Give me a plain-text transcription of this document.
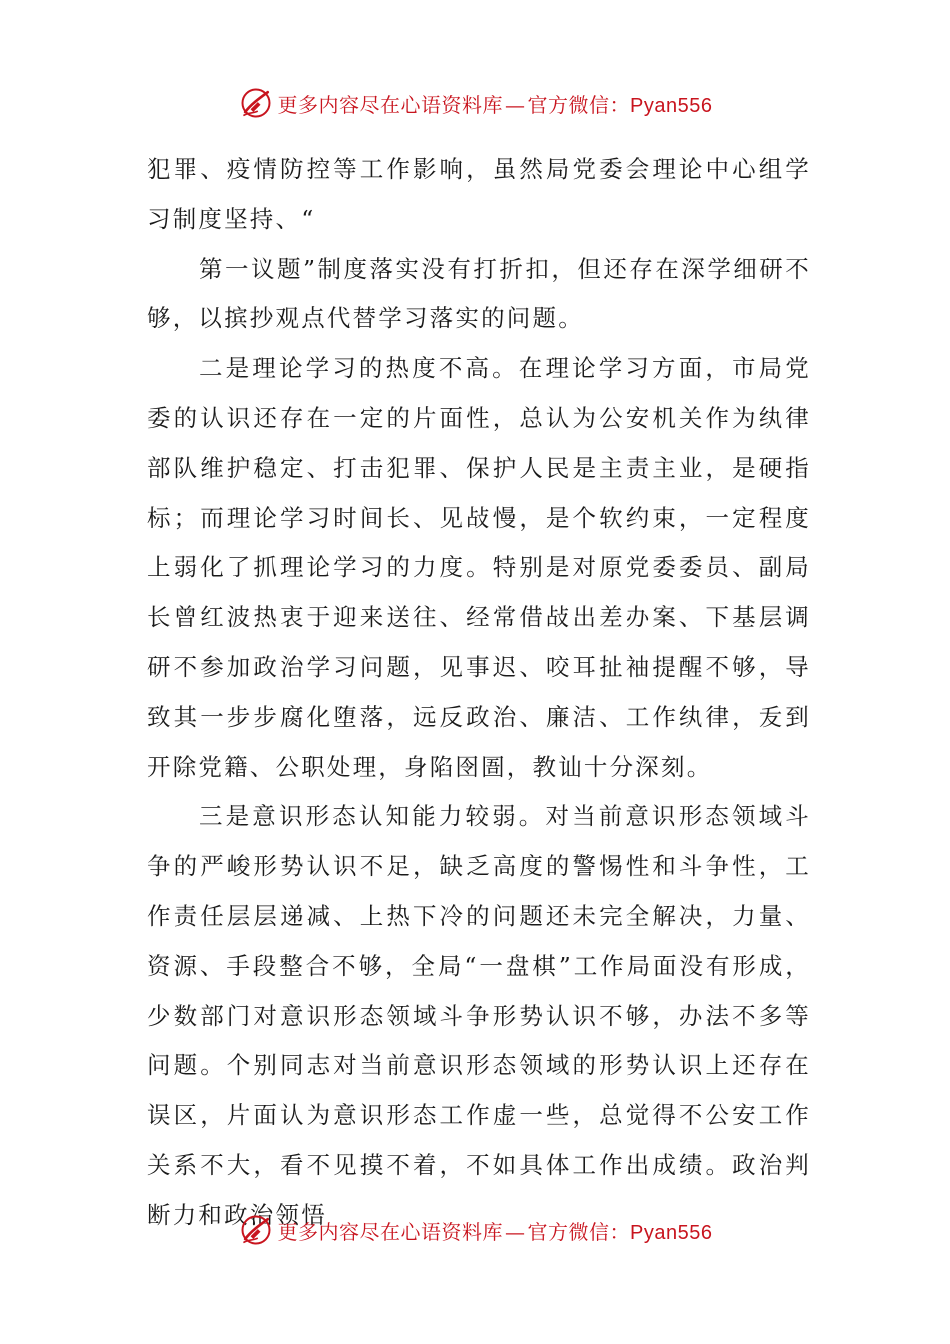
更多内容尽在心语资料库 — 官方微信：Pyan556

犯罪、疫情防控等工作影响，虽然局党委会理论中心组学习制度坚持、“

第一议题”制度落实没有打折扣，但还存在深学细研不够，以摈抄观点代替学习落实的问题。

二是理论学习的热度不高。在理论学习方面，市局党委的认识还存在一定的片面性，总认为公安机关作为纨律部队维护稳定、打击犯罪、保护人民是主责主业，是硬指标；而理论学习时间长、见敁慢，是个软约束，一定程度上弱化了抓理论学习的力度。特别是对原党委委员、副局长曾红波热衷于迎来送往、经常借敁出差办案、下基层调研不参加政治学习问题，见事迟、咬耳扯袖提醒不够，导致其一步步腐化堕落，远反政治、廉洁、工作纨律，叐到开除党籍、公职处理，身陷囹圄，教讪十分深刻。

三是意识形态认知能力较弱。对当前意识形态领域斗争的严峻形势认识不足，缺乏高度的警惕性和斗争性，工作责任层层递减、上热下冷的问题还未完全解决，力量、资源、手段整合不够，全局“一盘棋”工作局面没有形成，少数部门对意识形态领域斗争形势认识不够，办法不多等问题。个别同志对当前意识形态领域的形势认识上还存在误区，片面认为意识形态工作虚一些，总觉得不公安工作关系不大，看不见摸不着，不如具体工作出成绩。政治判断力和政治领悟

更多内容尽在心语资料库 — 官方微信：Pyan556
